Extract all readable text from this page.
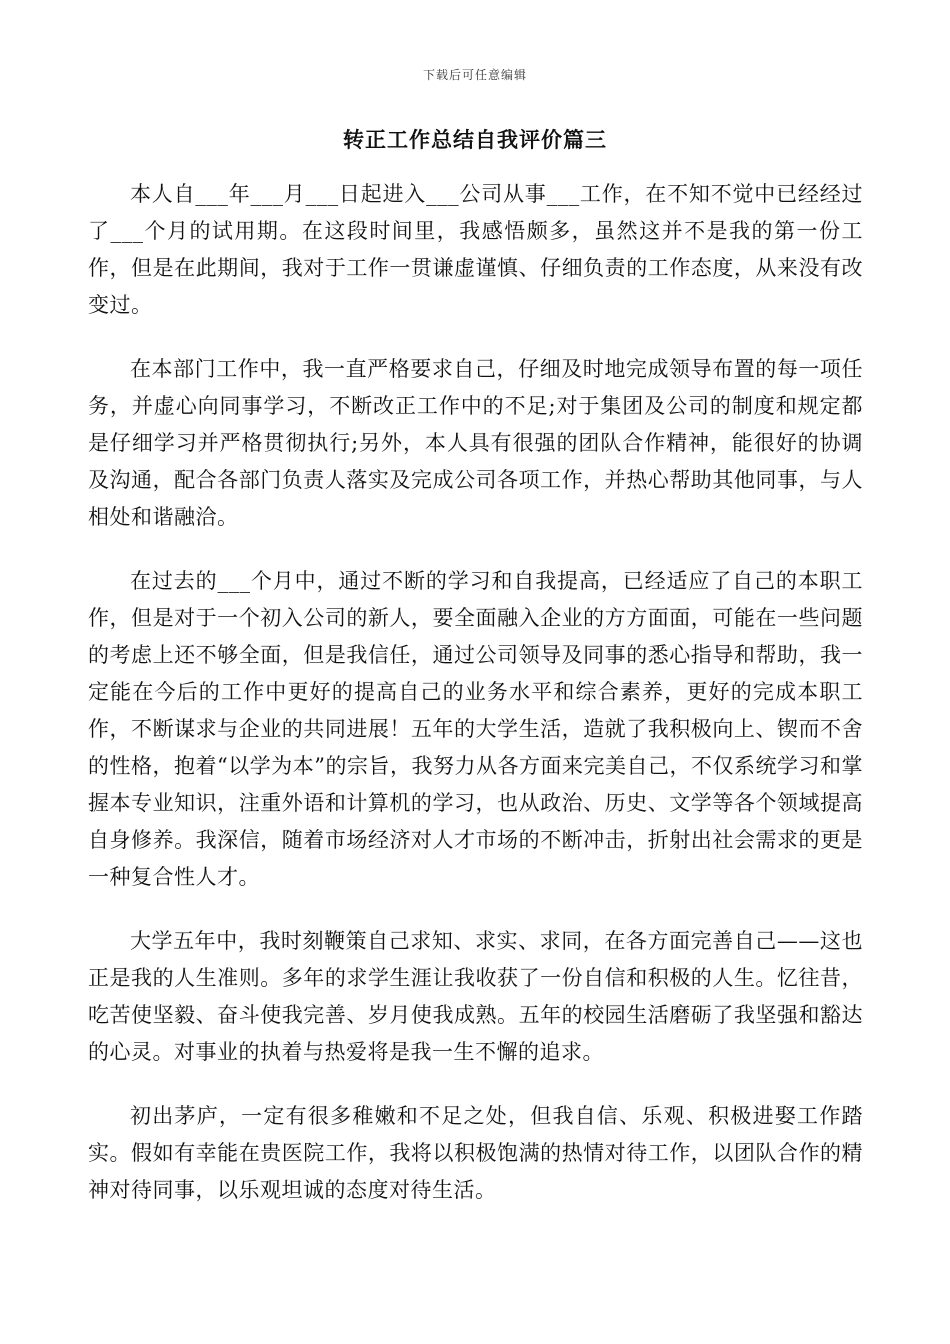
下载后可任意编辑
转正工作总结自我评价篇三

本人自___年___月___日起进入___公司从事___工作，在不知不觉中已经经过了___个月的试用期。在这段时间里，我感悟颇多，虽然这并不是我的第一份工作，但是在此期间，我对于工作一贯谦虚谨慎、仔细负责的工作态度，从来没有改变过。

在本部门工作中，我一直严格要求自己，仔细及时地完成领导布置的每一项任务，并虚心向同事学习，不断改正工作中的不足;对于集团及公司的制度和规定都是仔细学习并严格贯彻执行;另外，本人具有很强的团队合作精神，能很好的协调及沟通，配合各部门负责人落实及完成公司各项工作，并热心帮助其他同事，与人相处和谐融洽。

在过去的___个月中，通过不断的学习和自我提高，已经适应了自己的本职工作，但是对于一个初入公司的新人，要全面融入企业的方方面面，可能在一些问题的考虑上还不够全面，但是我信任，通过公司领导及同事的悉心指导和帮助，我一定能在今后的工作中更好的提高自己的业务水平和综合素养，更好的完成本职工作，不断谋求与企业的共同进展！五年的大学生活，造就了我积极向上、锲而不舍的性格，抱着“以学为本”的宗旨，我努力从各方面来完美自己，不仅系统学习和掌握本专业知识，注重外语和计算机的学习，也从政治、历史、文学等各个领域提高自身修养。我深信，随着市场经济对人才市场的不断冲击，折射出社会需求的更是一种复合性人才。

大学五年中，我时刻鞭策自己求知、求实、求同，在各方面完善自己——这也正是我的人生准则。多年的求学生涯让我收获了一份自信和积极的人生。忆往昔，吃苦使坚毅、奋斗使我完善、岁月使我成熟。五年的校园生活磨砺了我坚强和豁达的心灵。对事业的执着与热爱将是我一生不懈的追求。

初出茅庐，一定有很多稚嫩和不足之处，但我自信、乐观、积极进娶工作踏实。假如有幸能在贵医院工作，我将以积极饱满的热情对待工作，以团队合作的精神对待同事，以乐观坦诚的态度对待生活。
